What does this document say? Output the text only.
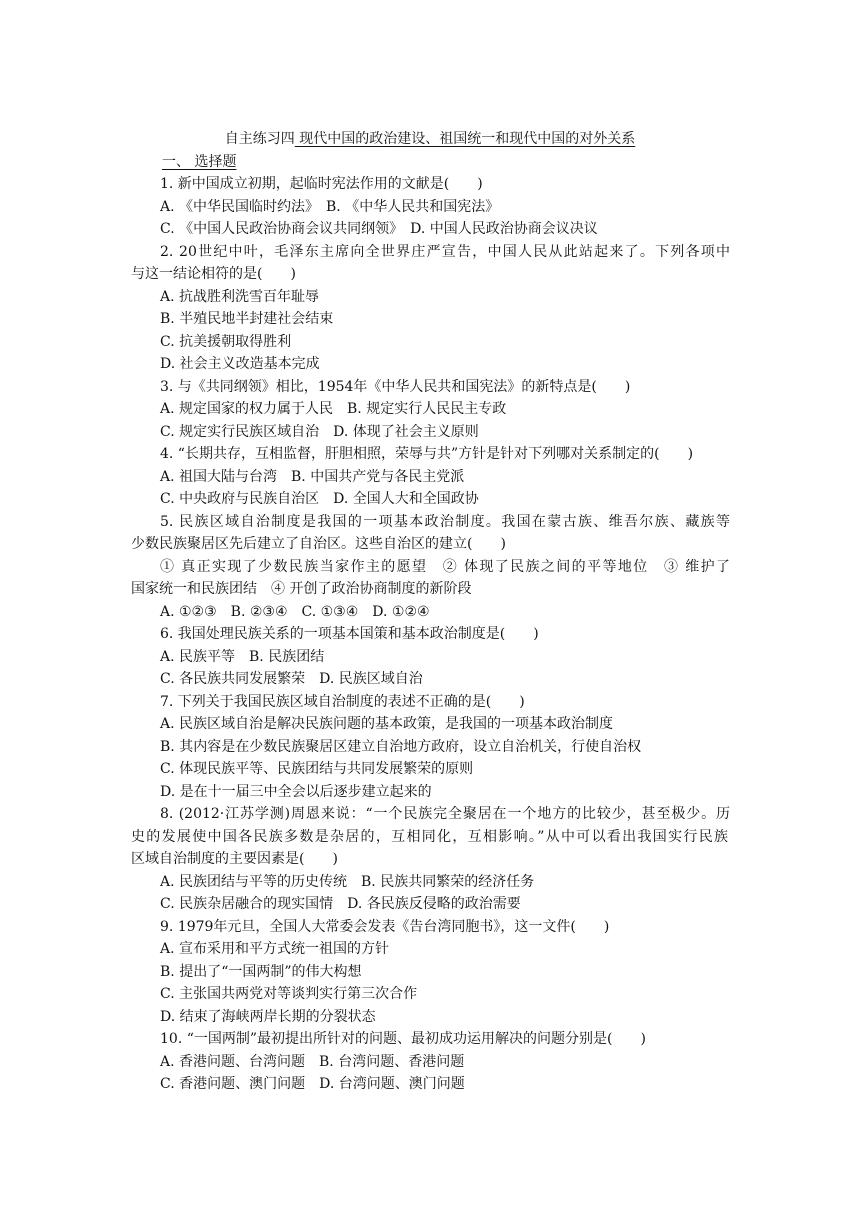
自主练习四 现代中国的政治建设、祖国统一和现代中国的对外关系
一、 选择题
1. 新中国成立初期，起临时宪法作用的文献是(　　)
A. 《中华民国临时约法》　B. 《中华人民共和国宪法》
C. 《中国人民政治协商会议共同纲领》　D. 中国人民政治协商会议决议
2. 20世纪中叶，毛泽东主席向全世界庄严宣告，中国人民从此站起来了。下列各项中
与这一结论相符的是(　　)
A. 抗战胜利洗雪百年耻辱
B. 半殖民地半封建社会结束
C. 抗美援朝取得胜利
D. 社会主义改造基本完成
3. 与《共同纲领》相比，1954年《中华人民共和国宪法》的新特点是(　　)
A. 规定国家的权力属于人民　B. 规定实行人民民主专政
C. 规定实行民族区域自治　D. 体现了社会主义原则
4. “长期共存，互相监督，肝胆相照，荣辱与共”方针是针对下列哪对关系制定的(　　)
A. 祖国大陆与台湾　B. 中国共产党与各民主党派
C. 中央政府与民族自治区　D. 全国人大和全国政协
5. 民族区域自治制度是我国的一项基本政治制度。我国在蒙古族、维吾尔族、藏族等
少数民族聚居区先后建立了自治区。这些自治区的建立(　　)
① 真正实现了少数民族当家作主的愿望　② 体现了民族之间的平等地位　③ 维护了
国家统一和民族团结　④ 开创了政治协商制度的新阶段
A. ①②③　B. ②③④　C. ①③④　D. ①②④
6. 我国处理民族关系的一项基本国策和基本政治制度是(　　)
A. 民族平等　B. 民族团结
C. 各民族共同发展繁荣　D. 民族区域自治
7. 下列关于我国民族区域自治制度的表述不正确的是(　　)
A. 民族区域自治是解决民族问题的基本政策，是我国的一项基本政治制度
B. 其内容是在少数民族聚居区建立自治地方政府，设立自治机关，行使自治权
C. 体现民族平等、民族团结与共同发展繁荣的原则
D. 是在十一届三中全会以后逐步建立起来的
8. (2012·江苏学测)周恩来说：“一个民族完全聚居在一个地方的比较少，甚至极少。历
史的发展使中国各民族多数是杂居的，互相同化，互相影响。”从中可以看出我国实行民族
区域自治制度的主要因素是(　　)
A. 民族团结与平等的历史传统　B. 民族共同繁荣的经济任务
C. 民族杂居融合的现实国情　D. 各民族反侵略的政治需要
9. 1979年元旦，全国人大常委会发表《告台湾同胞书》，这一文件(　　)
A. 宣布采用和平方式统一祖国的方针
B. 提出了“一国两制”的伟大构想
C. 主张国共两党对等谈判实行第三次合作
D. 结束了海峡两岸长期的分裂状态
10. “一国两制”最初提出所针对的问题、最初成功运用解决的问题分别是(　　)
A. 香港问题、台湾问题　B. 台湾问题、香港问题
C. 香港问题、澳门问题　D. 台湾问题、澳门问题
